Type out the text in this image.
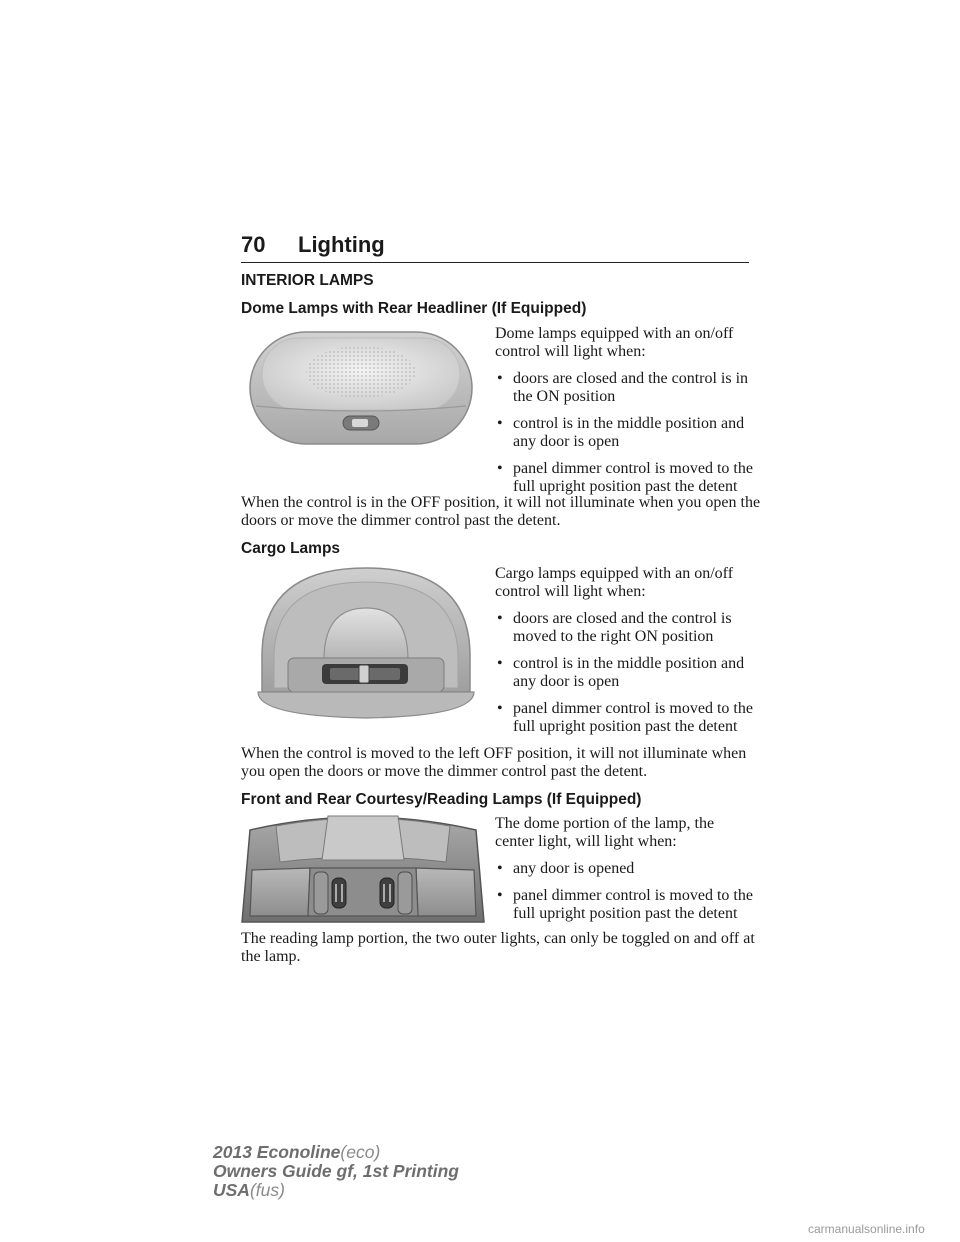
70 Lighting
INTERIOR LAMPS
Dome Lamps with Rear Headliner (If Equipped)

Dome lamps equipped with an on/off control will light when:

• doors are closed and the control is in the ON position
• control is in the middle position and any door is open
• panel dimmer control is moved to the full upright position past the detent

When the control is in the OFF position, it will not illuminate when you open the doors or move the dimmer control past the detent.

Cargo Lamps

Cargo lamps equipped with an on/off control will light when:

• doors are closed and the control is moved to the right ON position
• control is in the middle position and any door is open
• panel dimmer control is moved to the full upright position past the detent

When the control is moved to the left OFF position, it will not illuminate when you open the doors or move the dimmer control past the detent.

Front and Rear Courtesy/Reading Lamps (If Equipped)

The dome portion of the lamp, the center light, will light when:

• any door is opened
• panel dimmer control is moved to the full upright position past the detent

The reading lamp portion, the two outer lights, can only be toggled on and off at the lamp.

2013 Econoline(eco)
Owners Guide gf, 1st Printing
USA(fus)
carmanualsonline.info
